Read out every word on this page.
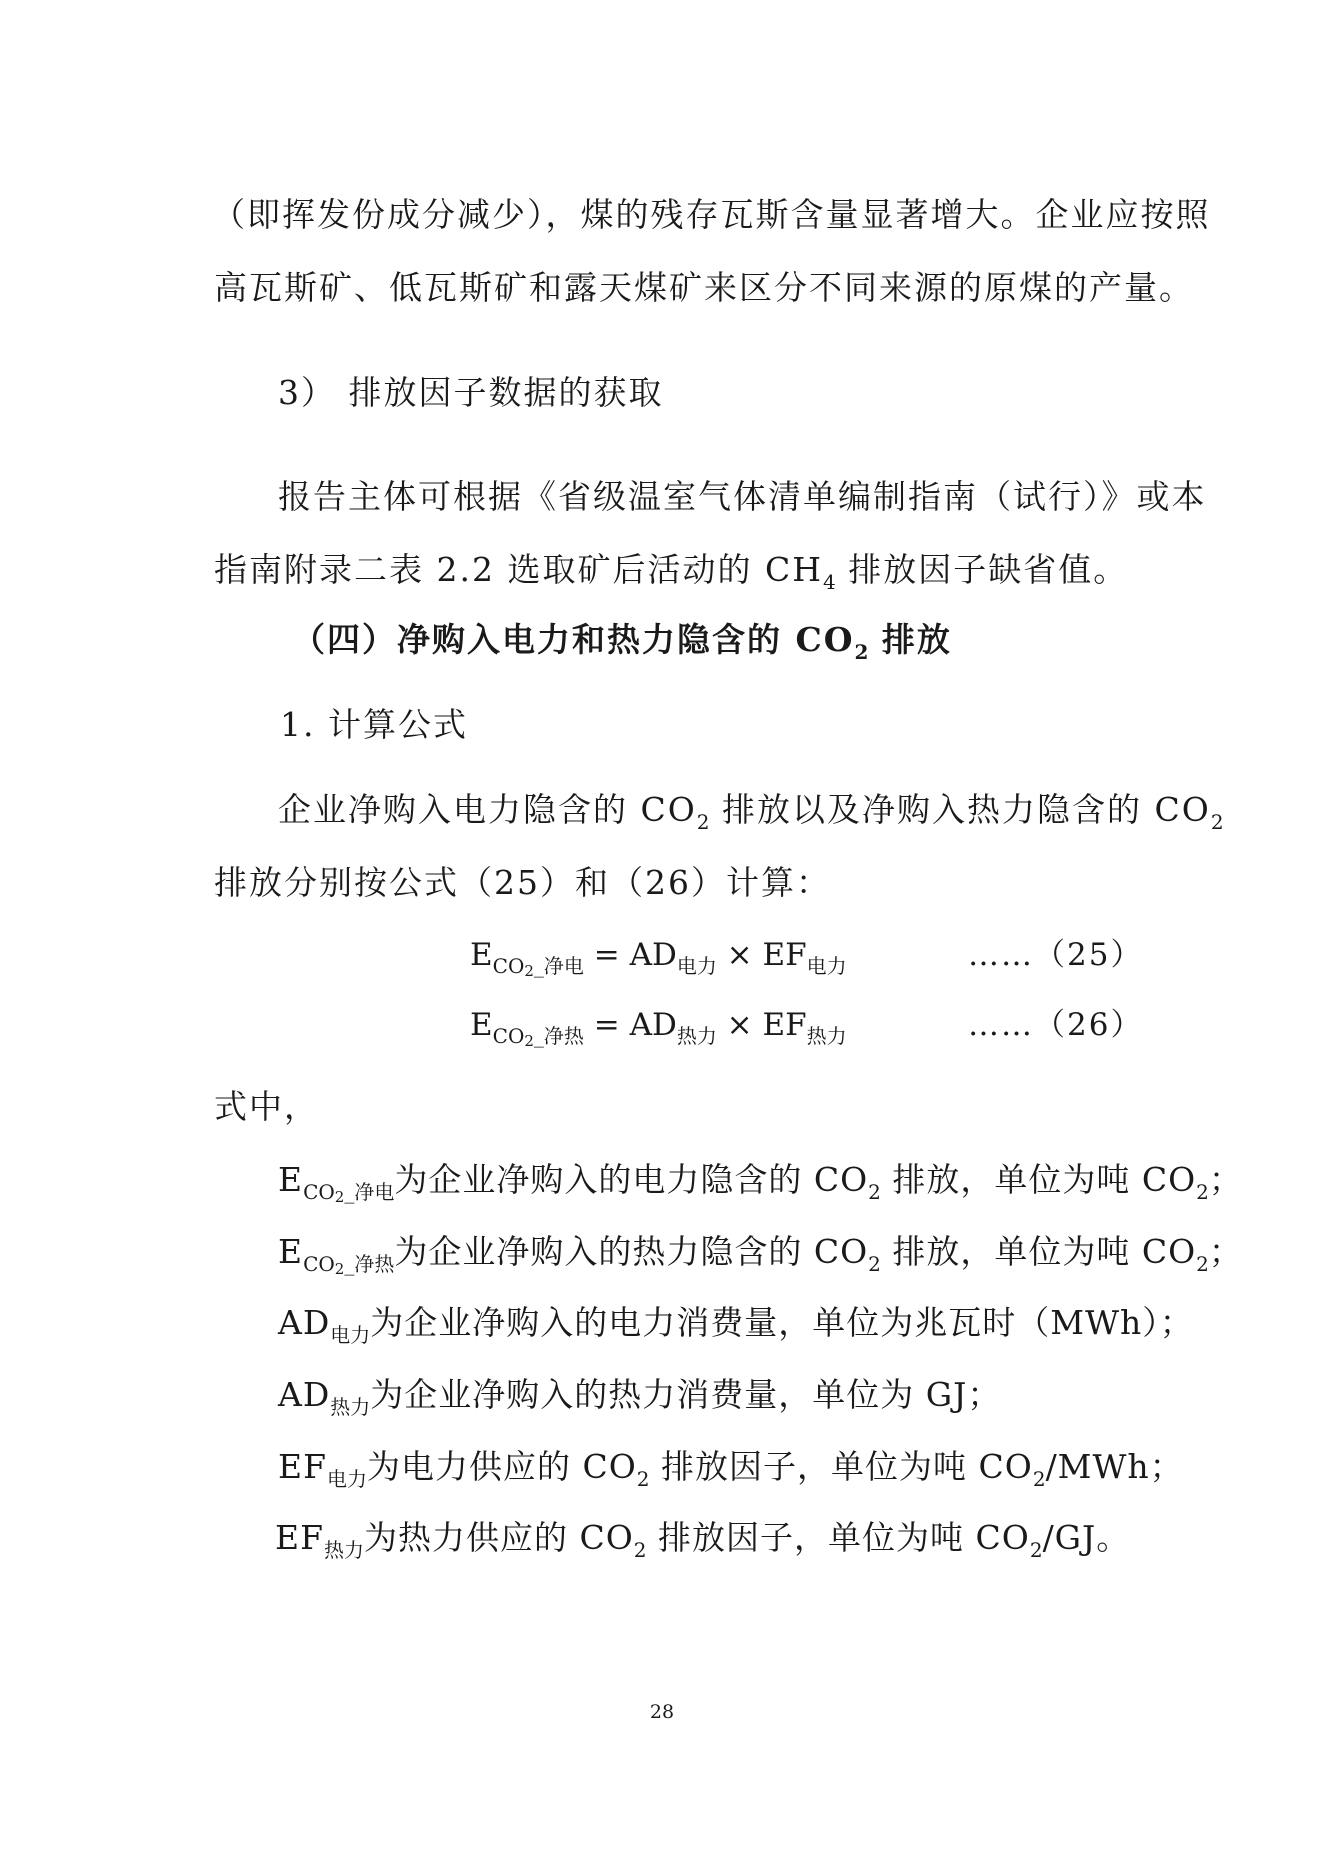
（即挥发份成分减少），煤的残存瓦斯含量显著增大。企业应按照
高瓦斯矿、低瓦斯矿和露天煤矿来区分不同来源的原煤的产量。
3） 排放因子数据的获取
报告主体可根据《省级温室气体清单编制指南（试行）》或本
指南附录二表 2.2 选取矿后活动的 $CH_4$ 排放因子缺省值。
（四）净购入电力和热力隐含的 $CO_2$ 排放
1. 计算公式
企业净购入电力隐含的 $CO_2$ 排放以及净购入热力隐含的 $CO_2$
排放分别按公式（25）和（26）计算：
$E_{CO2\_净电} = AD_{电力} \times EF_{电力}$	……（25）
$E_{CO2\_净热} = AD_{热力} \times EF_{热力}$	……（26）
式中，
$E_{CO2\_净电}$为企业净购入的电力隐含的 $CO_2$ 排放，单位为吨 $CO_2$；
$E_{CO2\_净热}$为企业净购入的热力隐含的 $CO_2$ 排放，单位为吨 $CO_2$；
$AD_{电力}$为企业净购入的电力消费量，单位为兆瓦时（MWh）；
$AD_{热力}$为企业净购入的热力消费量，单位为 GJ；
$EF_{电力}$为电力供应的 $CO_2$ 排放因子，单位为吨 $CO_2$/MWh；
$EF_{热力}$为热力供应的 $CO_2$ 排放因子，单位为吨 $CO_2/GJ$。
28
